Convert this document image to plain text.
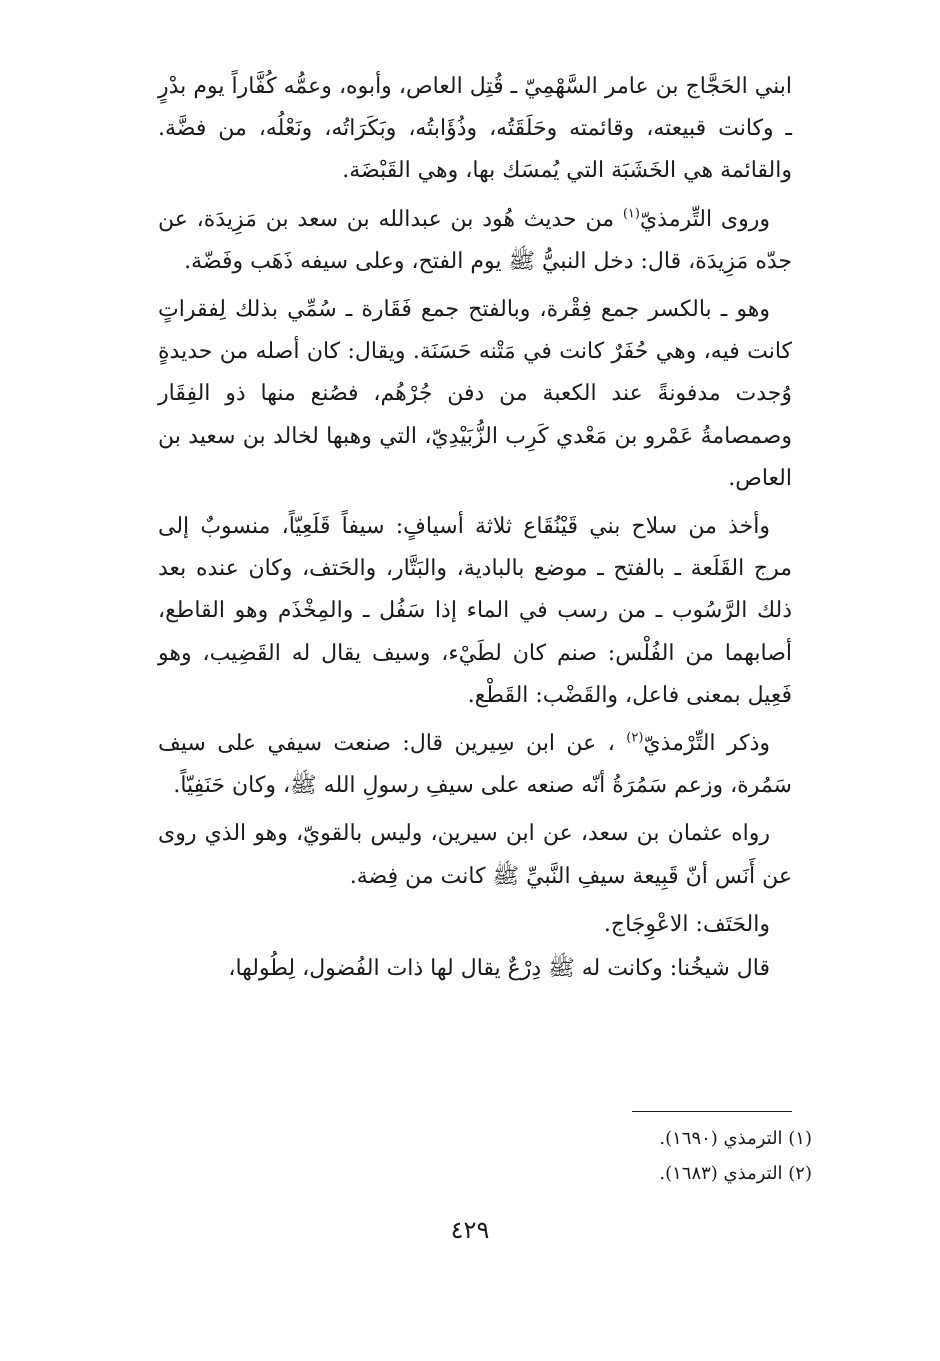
ابني الحَجَّاج بن عامر السَّهْمِيّ ـ قُتِل العاص، وأبوه، وعمُّه كُفَّاراً يوم بدْرٍ ـ وكانت قبيعته، وقائمته وحَلَقَتُه، وذُؤَابتُه، وبَكَرَاتُه، ونَعْلُه، من فضَّة. والقائمة هي الخَشَبَة التي يُمسَك بها، وهي القَبْضَة.

وروى التِّرمذيّ$^{(١)}$ من حديث هُود بن عبدالله بن سعد بن مَزِيدَة، عن جدّه مَزِيدَة، قال: دخل النبيُّ ﷺ يوم الفتح، وعلى سيفه ذَهَب وفَضّة.

وهو ـ بالكسر جمع فِقْرة، وبالفتح جمع فَقَارة ـ سُمِّي بذلك لِفقراتٍ كانت فيه، وهي حُفَرٌ كانت في مَتْنه حَسَنَة. ويقال: كان أصله من حديدةٍ وُجدت مدفونةً عند الكعبة من دفن جُرْهُم، فصُنع منها ذو الفِقَار وصمصامةُ عَمْرو بن مَعْدي كَرِب الزُّبَيْدِيّ، التي وهبها لخالد بن سعيد بن العاص.

وأخذ من سلاح بني قَيْنُقَاع ثلاثة أسيافٍ: سيفاً قَلَعِيّاً، منسوبٌ إلى مرج القَلَعة ـ بالفتح ـ موضع بالبادية، والبَتَّار، والحَتف، وكان عنده بعد ذلك الرَّسُوب ـ من رسب في الماء إذا سَفُل ـ والمِخْذَم وهو القاطع، أصابهما من الفُلْس: صنم كان لطَيْء، وسيف يقال له القَضِيب، وهو فَعِيل بمعنى فاعل، والقَضْب: القَطْع.

وذكر التِّرْمذيّ$^{(٢)}$ ، عن ابن سِيرين قال: صنعت سيفي على سيف سَمُرة، وزعم سَمُرَةُ أنّه صنعه على سيفِ رسولِ الله ﷺ، وكان حَنَفِيّاً.

رواه عثمان بن سعد، عن ابن سيرين، وليس بالقويّ، وهو الذي روى عن أَنَس أنّ قَبِيعة سيفِ النَّبيِّ ﷺ كانت من فِضة.

والحَتَف: الاعْوِجَاج.

قال شيخُنا: وكانت له ﷺ دِرْعٌ يقال لها ذات الفُضول، لِطُولها،

(١) الترمذي (١٦٩٠).

(٢) الترمذي (١٦٨٣).

٤٢٩
